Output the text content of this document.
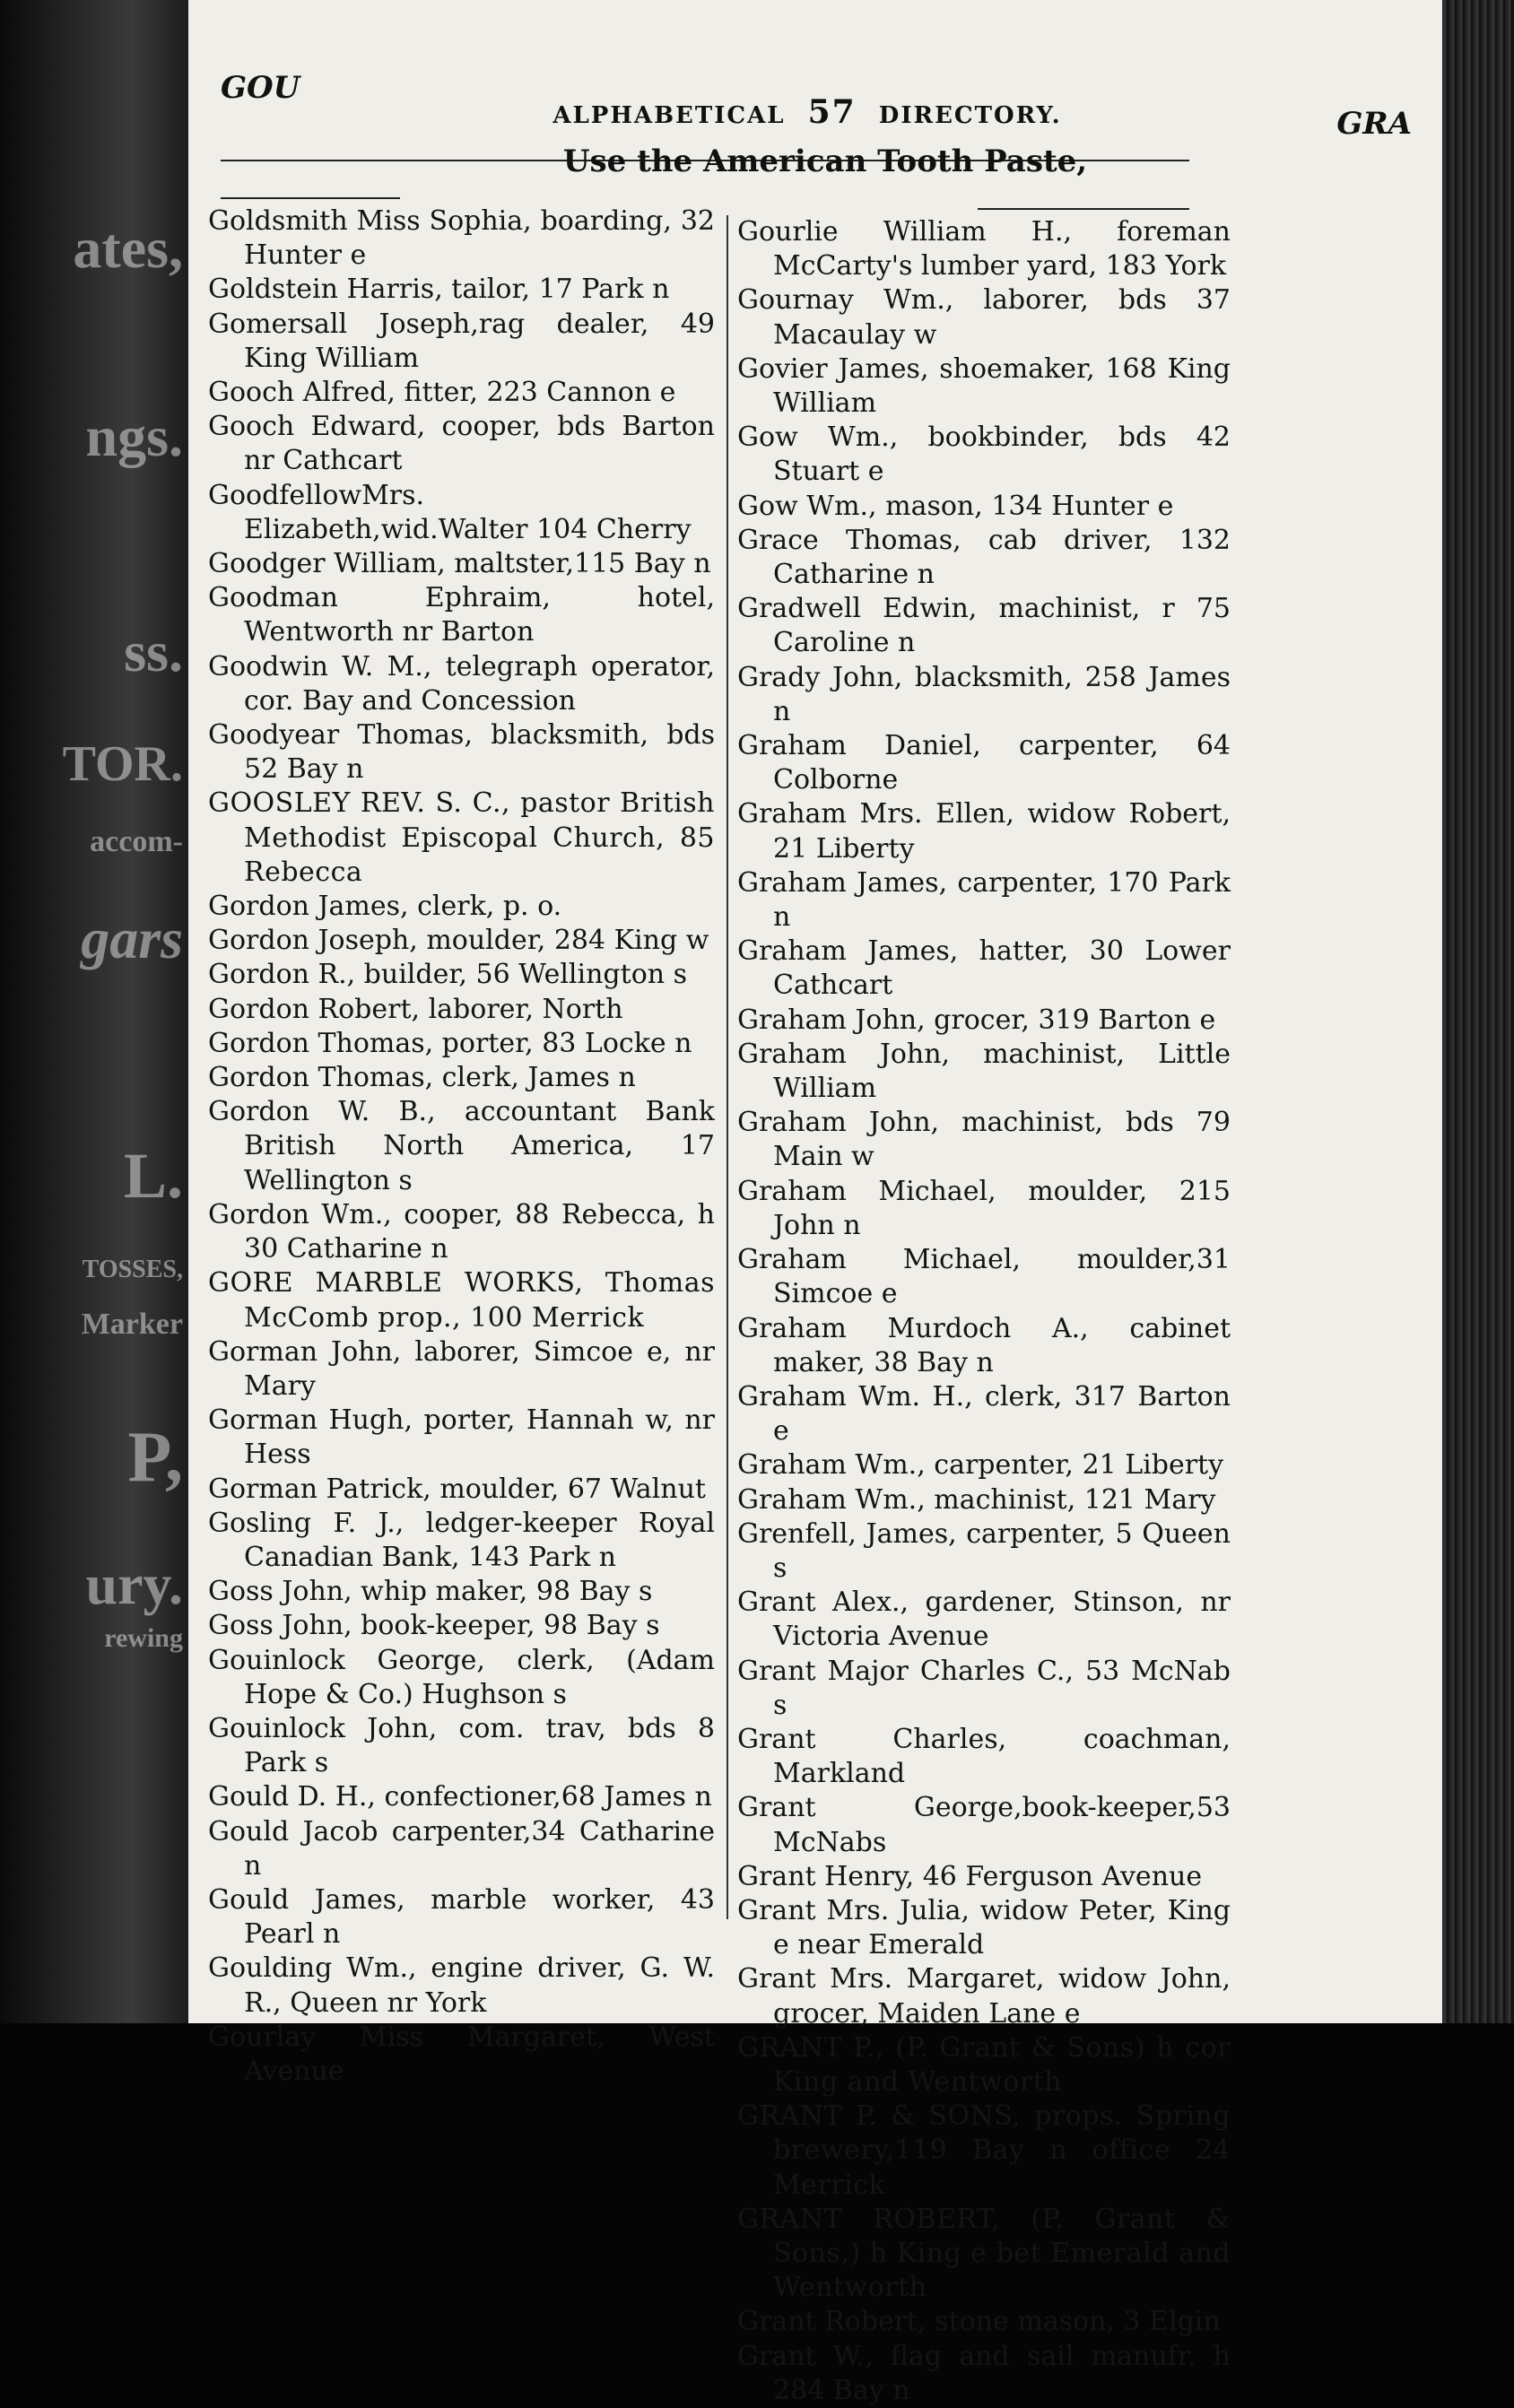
ates,
ngs.
ss.
TOR.
accom-
gars
L.
TOSSES,
Marker
P,
ury.
rewing
GOU
ALPHABETICAL 57 DIRECTORY.	GRA
Use the American Tooth Paste,
Goldsmith Miss Sophia, boarding, 32 Hunter e
Goldstein Harris, tailor, 17 Park n
Gomersall Joseph,rag dealer, 49 King William
Gooch Alfred, fitter, 223 Cannon e
Gooch Edward, cooper, bds Barton nr Cathcart
GoodfellowMrs. Elizabeth,wid.Walter 104 Cherry
Goodger William, maltster,115 Bay n
Goodman Ephraim, hotel, Wentworth nr Barton
Goodwin W. M., telegraph operator, cor. Bay and Concession
Goodyear Thomas, blacksmith, bds 52 Bay n
GOOSLEY REV. S. C., pastor British Methodist Episcopal Church, 85 Rebecca
Gordon James, clerk, p. o.
Gordon Joseph, moulder, 284 King w
Gordon R., builder, 56 Wellington s
Gordon Robert, laborer, North
Gordon Thomas, porter, 83 Locke n
Gordon Thomas, clerk, James n
Gordon W. B., accountant Bank British North America, 17 Wellington s
Gordon Wm., cooper, 88 Rebecca, h 30 Catharine n
GORE MARBLE WORKS, Thomas McComb prop., 100 Merrick
Gorman John, laborer, Simcoe e, nr Mary
Gorman Hugh, porter, Hannah w, nr Hess
Gorman Patrick, moulder, 67 Walnut
Gosling F. J., ledger-keeper Royal Canadian Bank, 143 Park n
Goss John, whip maker, 98 Bay s
Goss John, book-keeper, 98 Bay s
Gouinlock George, clerk, (Adam Hope & Co.) Hughson s
Gouinlock John, com. trav, bds 8 Park s
Gould D. H., confectioner,68 James n
Gould Jacob carpenter,34 Catharine n
Gould James, marble worker, 43 Pearl n
Goulding Wm., engine driver, G. W. R., Queen nr York
Gourlay Miss Margaret, West Avenue
Gourlie William H., foreman McCarty's lumber yard, 183 York
Gournay Wm., laborer, bds 37 Macaulay w
Govier James, shoemaker, 168 King William
Gow Wm., bookbinder, bds 42 Stuart e
Gow Wm., mason, 134 Hunter e
Grace Thomas, cab driver, 132 Catharine n
Gradwell Edwin, machinist, r 75 Caroline n
Grady John, blacksmith, 258 James n
Graham Daniel, carpenter, 64 Colborne
Graham Mrs. Ellen, widow Robert, 21 Liberty
Graham James, carpenter, 170 Park n
Graham James, hatter, 30 Lower Cathcart
Graham John, grocer, 319 Barton e
Graham John, machinist, Little William
Graham John, machinist, bds 79 Main w
Graham Michael, moulder, 215 John n
Graham Michael, moulder,31 Simcoe e
Graham Murdoch A., cabinet maker, 38 Bay n
Graham Wm. H., clerk, 317 Barton e
Graham Wm., carpenter, 21 Liberty
Graham Wm., machinist, 121 Mary
Grenfell, James, carpenter, 5 Queen s
Grant Alex., gardener, Stinson, nr Victoria Avenue
Grant Major Charles C., 53 McNab s
Grant Charles, coachman, Markland
Grant George,book-keeper,53 McNabs
Grant Henry, 46 Ferguson Avenue
Grant Mrs. Julia, widow Peter, King e near Emerald
Grant Mrs. Margaret, widow John, grocer, Maiden Lane e
GRANT P., (P. Grant & Sons) h cor King and Wentworth
GRANT P. & SONS, props. Spring brewery,119 Bay n office 24 Merrick
GRANT ROBERT, (P. Grant & Sons,) h King e bet Emerald and Wentworth
Grant Robert, stone mason, 3 Elgin
Grant W., flag and sail manufr. h 284 Bay n
